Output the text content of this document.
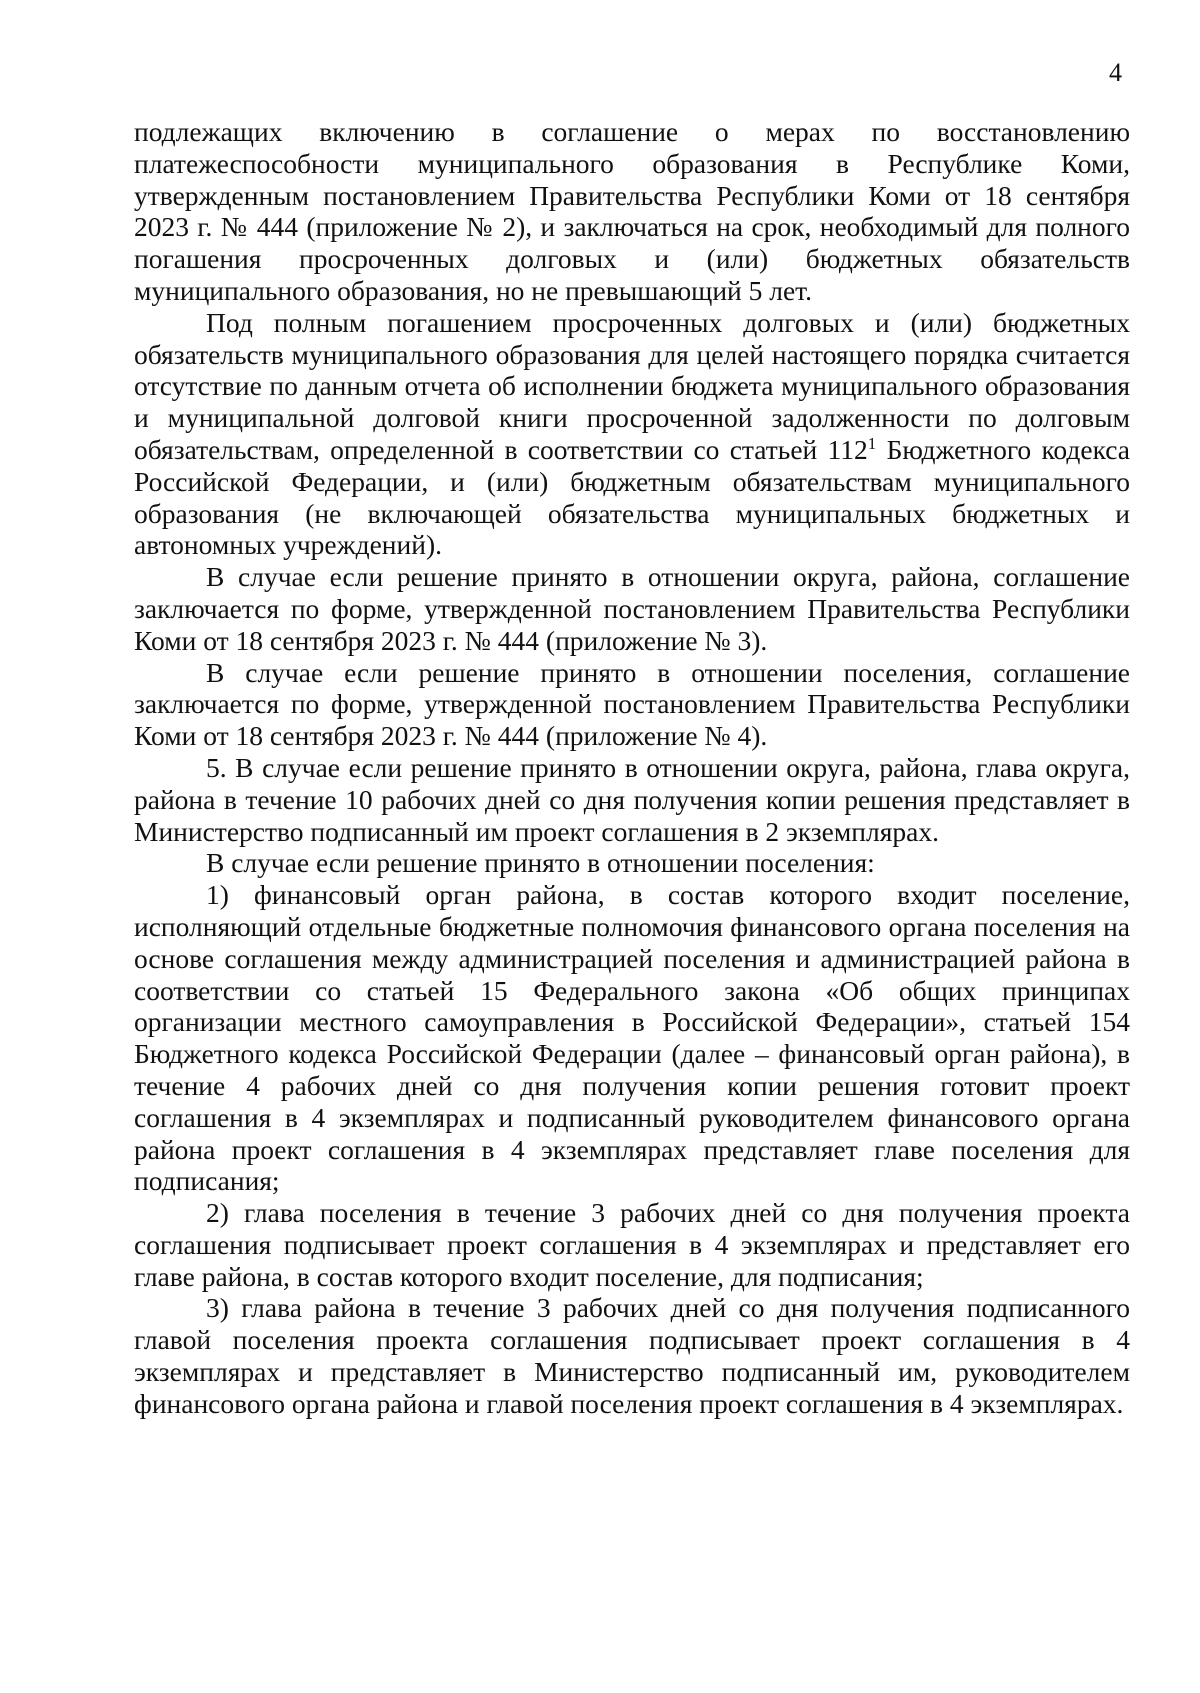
4

подлежащих включению в соглашение о мерах по восстановлению платежеспособности муниципального образования в Республике Коми, утвержденным постановлением Правительства Республики Коми от 18 сентября 2023 г. № 444 (приложение № 2), и заключаться на срок, необходимый для полного погашения просроченных долговых и (или) бюджетных обязательств муниципального образования, но не превышающий 5 лет.

Под полным погашением просроченных долговых и (или) бюджетных обязательств муниципального образования для целей настоящего порядка считается отсутствие по данным отчета об исполнении бюджета муниципального образования и муниципальной долговой книги просроченной задолженности по долговым обязательствам, определенной в соответствии со статьей $112^1$ Бюджетного кодекса Российской Федерации, и (или) бюджетным обязательствам муниципального образования (не включающей обязательства муниципальных бюджетных и автономных учреждений).

В случае если решение принято в отношении округа, района, соглашение заключается по форме, утвержденной постановлением Правительства Республики Коми от 18 сентября 2023 г. № 444 (приложение № 3).

В случае если решение принято в отношении поселения, соглашение заключается по форме, утвержденной постановлением Правительства Республики Коми от 18 сентября 2023 г. № 444 (приложение № 4).

5. В случае если решение принято в отношении округа, района, глава округа, района в течение 10 рабочих дней со дня получения копии решения представляет в Министерство подписанный им проект соглашения в 2 экземплярах.

В случае если решение принято в отношении поселения:

1) финансовый орган района, в состав которого входит поселение, исполняющий отдельные бюджетные полномочия финансового органа поселения на основе соглашения между администрацией поселения и администрацией района в соответствии со статьей 15 Федерального закона «Об общих принципах организации местного самоуправления в Российской Федерации», статьей 154 Бюджетного кодекса Российской Федерации (далее – финансовый орган района), в течение 4 рабочих дней со дня получения копии решения готовит проект соглашения в 4 экземплярах и подписанный руководителем финансового органа района проект соглашения в 4 экземплярах представляет главе поселения для подписания;

2) глава поселения в течение 3 рабочих дней со дня получения проекта соглашения подписывает проект соглашения в 4 экземплярах и представляет его главе района, в состав которого входит поселение, для подписания;

3) глава района в течение 3 рабочих дней со дня получения подписанного главой поселения проекта соглашения подписывает проект соглашения в 4 экземплярах и представляет в Министерство подписанный им, руководителем финансового органа района и главой поселения проект соглашения в 4 экземплярах.
